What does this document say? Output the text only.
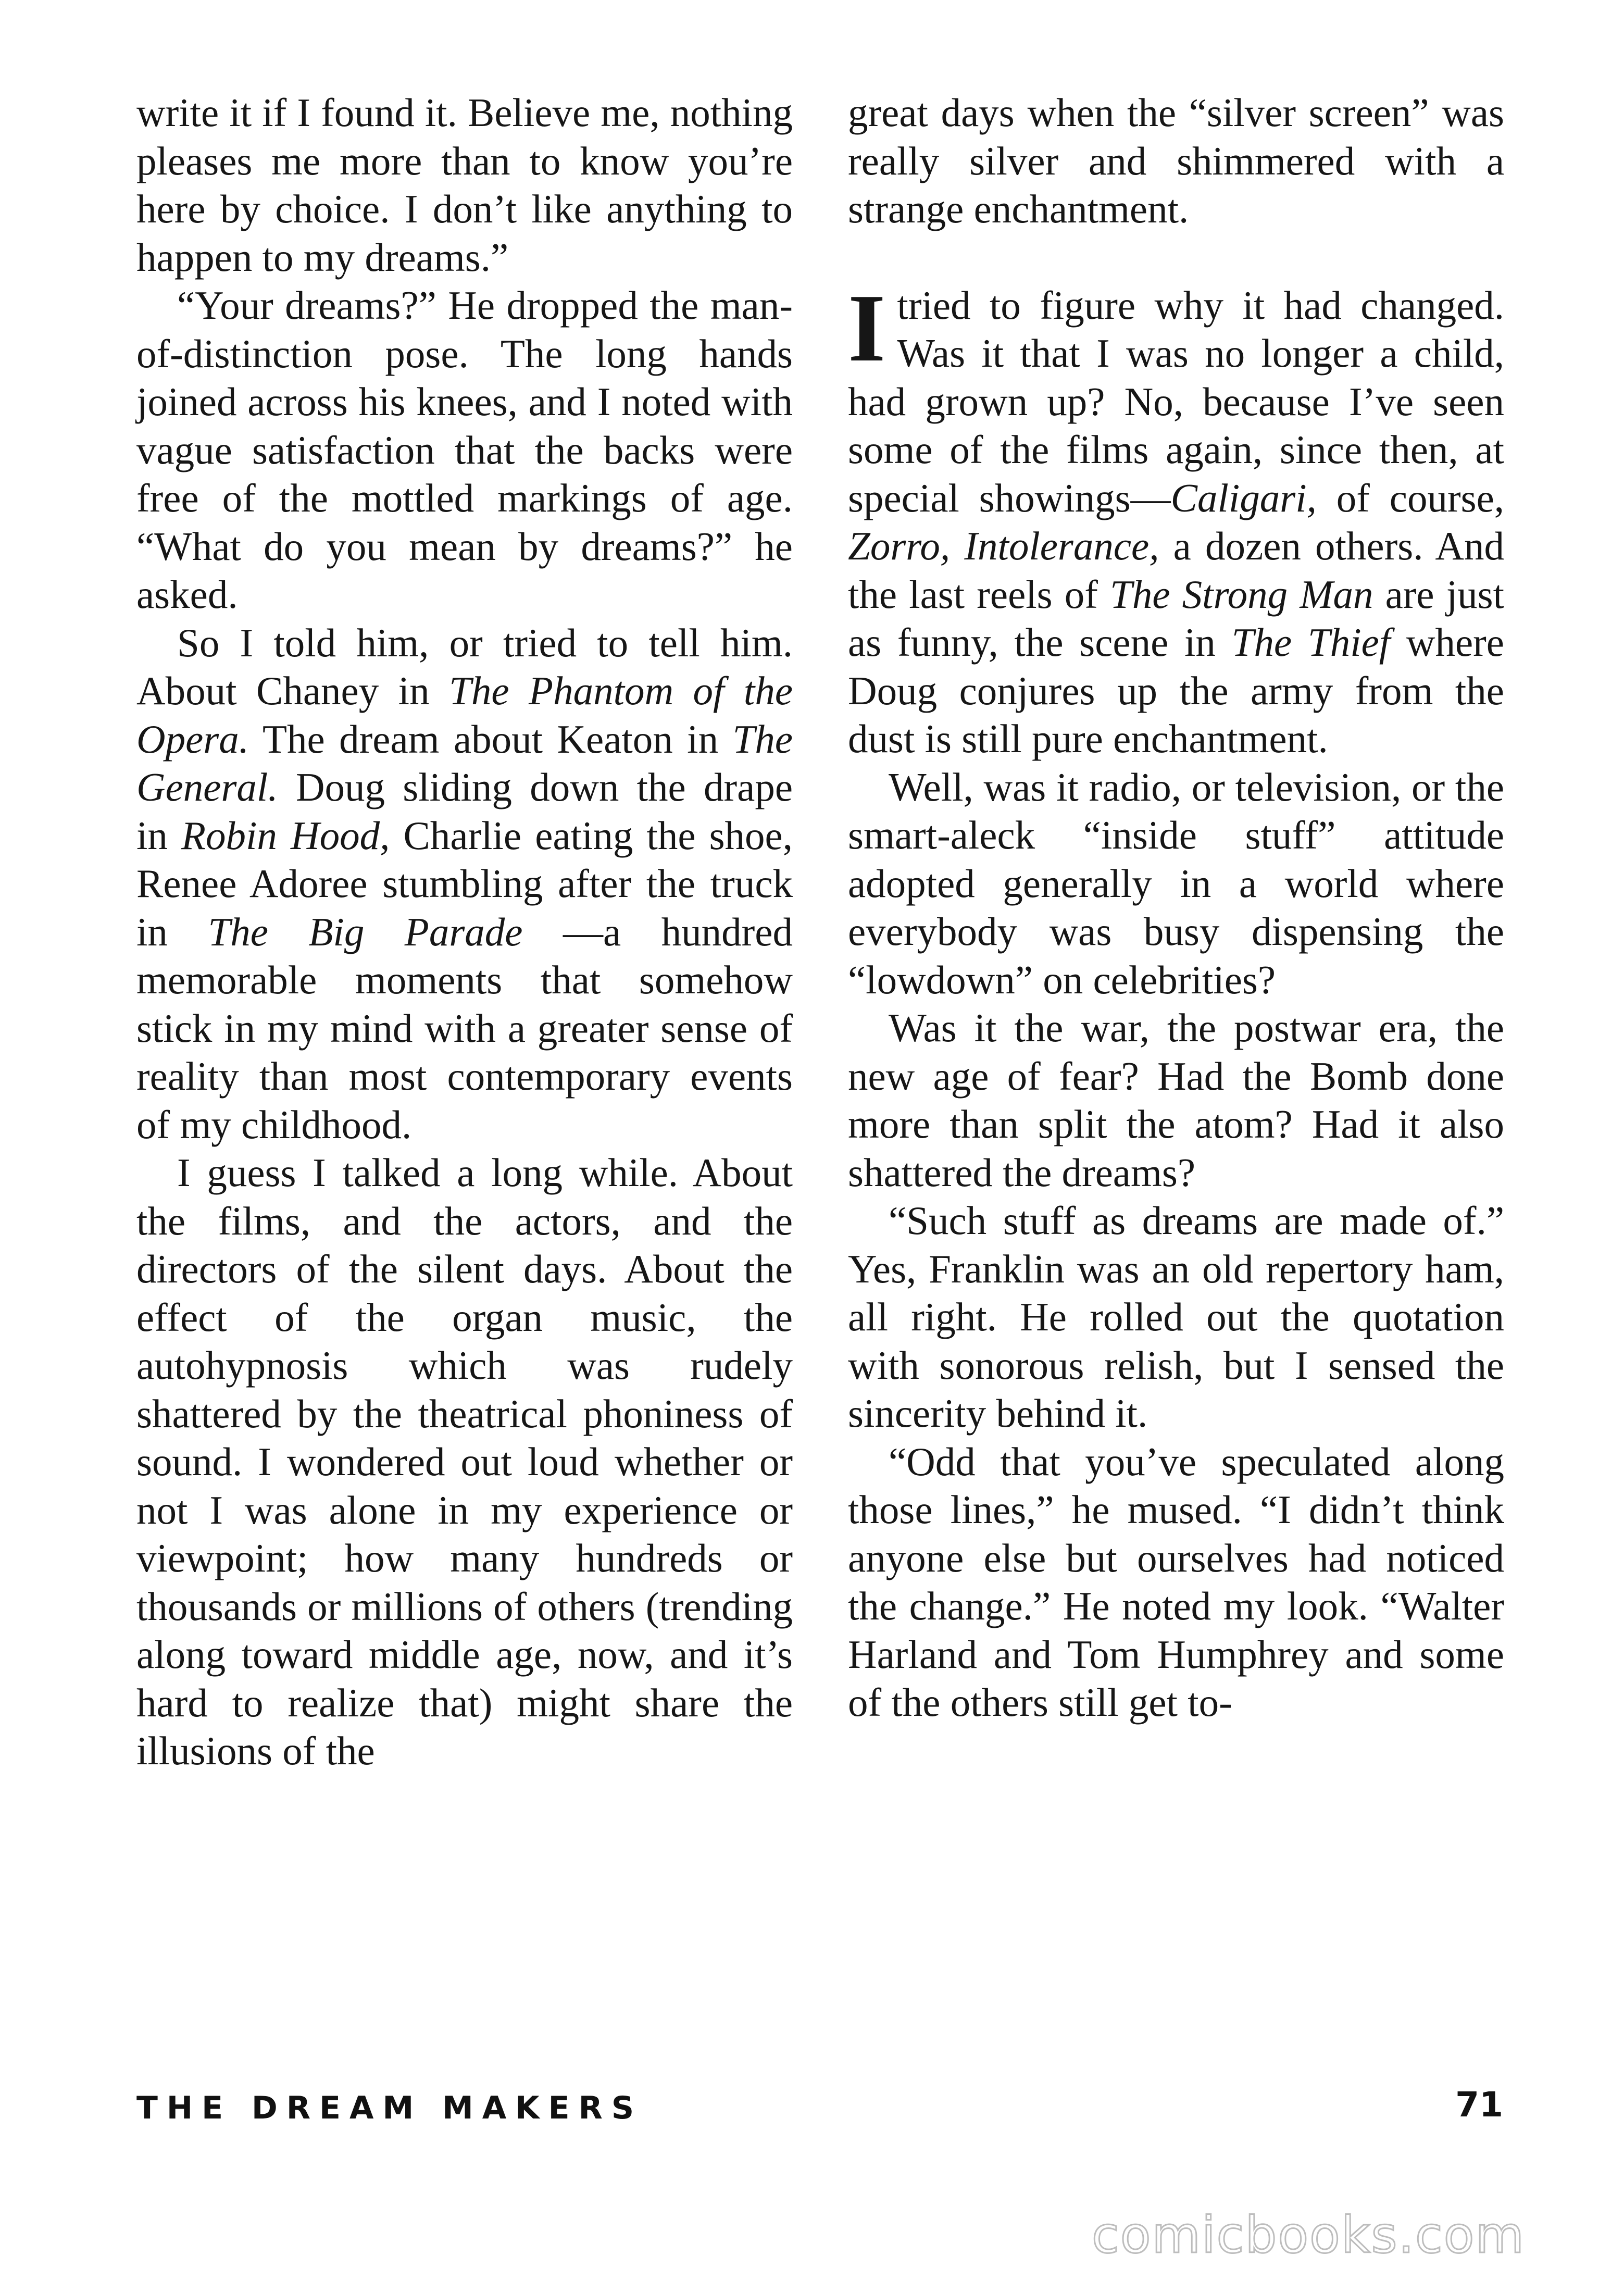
write it if I found it. Believe me, nothing pleases me more than to know you’re here by choice. I don’t like anything to happen to my dreams.”

“Your dreams?” He dropped the man-of-distinction pose. The long hands joined across his knees, and I noted with vague satisfaction that the backs were free of the mottled markings of age. “What do you mean by dreams?” he asked.

So I told him, or tried to tell him. About Chaney in The Phantom of the Opera. The dream about Keaton in The General. Doug sliding down the drape in Robin Hood, Charlie eating the shoe, Renee Adoree stumbling after the truck in The Big Parade —a hundred memorable moments that somehow stick in my mind with a greater sense of reality than most contemporary events of my childhood.

I guess I talked a long while. About the films, and the actors, and the directors of the silent days. About the effect of the organ music, the autohypnosis which was rudely shattered by the theatrical phoniness of sound. I wondered out loud whether or not I was alone in my experience or viewpoint; how many hundreds or thousands or millions of others (trending along toward middle age, now, and it’s hard to realize that) might share the illusions of the

great days when the “silver screen” was really silver and shimmered with a strange enchantment.

Itried to figure why it had changed. Was it that I was no longer a child, had grown up? No, because I’ve seen some of the films again, since then, at special showings—Caligari, of course, Zorro, Intolerance, a dozen others. And the last reels of The Strong Man are just as funny, the scene in The Thief where Doug conjures up the army from the dust is still pure enchantment.

Well, was it radio, or television, or the smart-aleck “inside stuff” attitude adopted generally in a world where everybody was busy dispensing the “lowdown” on celebrities?

Was it the war, the postwar era, the new age of fear? Had the Bomb done more than split the atom? Had it also shattered the dreams?

“Such stuff as dreams are made of.” Yes, Franklin was an old repertory ham, all right. He rolled out the quotation with sonorous relish, but I sensed the sincerity behind it.

“Odd that you’ve speculated along those lines,” he mused. “I didn’t think anyone else but ourselves had noticed the change.” He noted my look. “Walter Harland and Tom Humphrey and some of the others still get to-

THE DREAM MAKERS	71
comicbooks.com
